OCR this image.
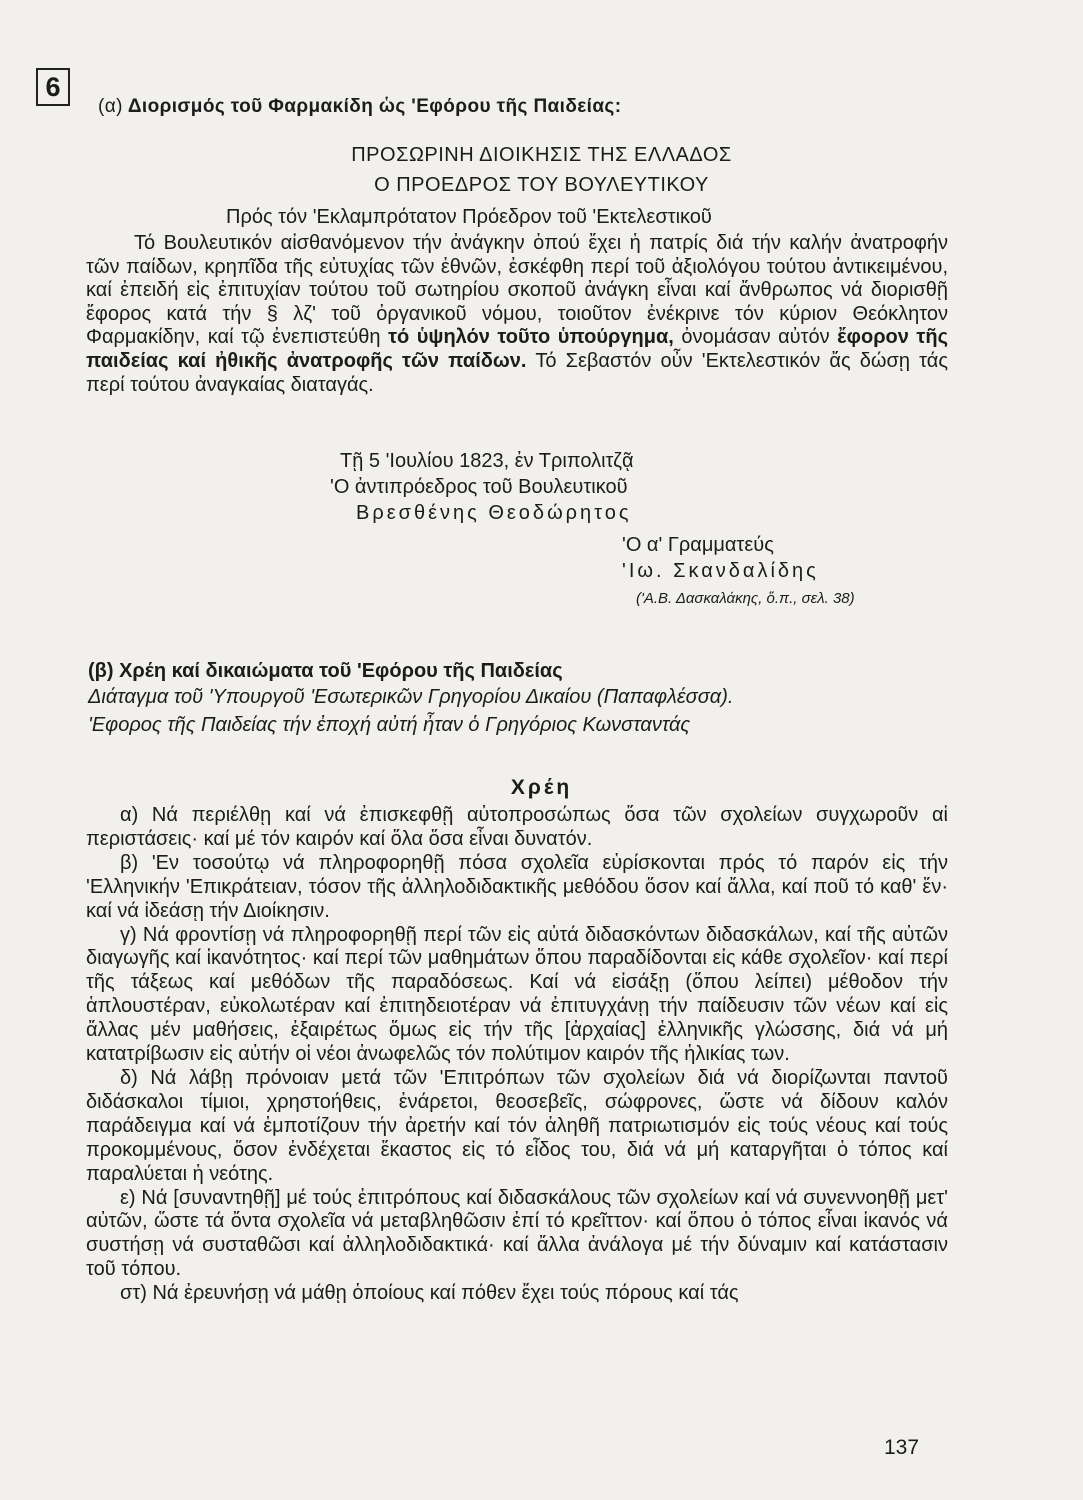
6
(α) Διορισμός τοῦ Φαρμακίδη ὡς 'Εφόρου τῆς Παιδείας:
ΠΡΟΣΩΡΙΝΗ ΔΙΟΙΚΗΣΙΣ ΤΗΣ ΕΛΛΑΔΟΣ
Ο ΠΡΟΕΔΡΟΣ ΤΟΥ ΒΟΥΛΕΥΤΙΚΟΥ
Πρός τόν 'Εκλαμπρότατον Πρόεδρον τοῦ 'Εκτελεστικοῦ
Τό Βουλευτικόν αἰσθανόμενον τήν ἀνάγκην ὁπού ἔχει ἡ πατρίς διά τήν καλήν ἀνατροφήν τῶν παίδων, κρηπῖδα τῆς εὐτυχίας τῶν ἐθνῶν, ἐσκέφθη περί τοῦ ἀξιολόγου τούτου ἀντικειμένου, καί ἐπειδή εἰς ἐπιτυχίαν τούτου τοῦ σωτηρίου σκοποῦ ἀνάγκη εἶναι καί ἄνθρωπος νά διορισθῇ ἔφορος κατά τήν § λζ' τοῦ ὀργανικοῦ νόμου, τοιοῦτον ἐνέκρινε τόν κύριον Θεόκλητον Φαρμακίδην, καί τῷ ἐνεπιστεύθη τό ὑψηλόν τοῦτο ὑπούργημα, ὀνομάσαν αὐτόν ἔφορον τῆς παιδείας καί ἠθικῆς ἀνατροφῆς τῶν παίδων. Τό Σεβαστόν οὖν 'Εκτελεστικόν ἄς δώσῃ τάς περί τούτου ἀναγκαίας διαταγάς.
Τῇ 5 'Ιουλίου 1823, ἐν Τριπολιτζᾷ
'Ο ἀντιπρόεδρος τοῦ Βουλευτικοῦ
Βρεσθένης Θεοδώρητος
'Ο α' Γραμματεύς
'Ιω. Σκανδαλίδης
('Α.Β. Δασκαλάκης, ὅ.π., σελ. 38)
(β) Χρέη καί δικαιώματα τοῦ 'Εφόρου τῆς Παιδείας
Διάταγμα τοῦ 'Υπουργοῦ 'Εσωτερικῶν Γρηγορίου Δικαίου (Παπαφλέσσα).
'Εφορος τῆς Παιδείας τήν ἐποχή αὐτή ἦταν ὁ Γρηγόριος Κωνσταντάς
Χρέη

α) Νά περιέλθῃ καί νά ἐπισκεφθῇ αὐτοπροσώπως ὅσα τῶν σχολείων συγχωροῦν αἱ περιστάσεις· καί μέ τόν καιρόν καί ὅλα ὅσα εἶναι δυνατόν.

β) 'Εν τοσούτῳ νά πληροφορηθῇ πόσα σχολεῖα εὑρίσκονται πρός τό παρόν εἰς τήν 'Ελληνικήν 'Επικράτειαν, τόσον τῆς ἀλληλοδιδακτικῆς μεθόδου ὅσον καί ἄλλα, καί ποῦ τό καθ' ἕν· καί νά ἰδεάσῃ τήν Διοίκησιν.

γ) Νά φροντίσῃ νά πληροφορηθῇ περί τῶν εἰς αὐτά διδασκόντων διδασκάλων, καί τῆς αὐτῶν διαγωγῆς καί ἱκανότητος· καί περί τῶν μαθημάτων ὅπου παραδίδονται εἰς κάθε σχολεῖον· καί περί τῆς τάξεως καί μεθόδων τῆς παραδόσεως. Καί νά εἰσάξῃ (ὅπου λείπει) μέθοδον τήν ἁπλουστέραν, εὐκολωτέραν καί ἐπιτηδειοτέραν νά ἐπιτυγχάνῃ τήν παίδευσιν τῶν νέων καί εἰς ἄλλας μέν μαθήσεις, ἐξαιρέτως ὅμως εἰς τήν τῆς [ἀρχαίας] ἑλληνικῆς γλώσσης, διά νά μή κατατρίβωσιν εἰς αὐτήν οἱ νέοι ἀνωφελῶς τόν πολύτιμον καιρόν τῆς ἡλικίας των.

δ) Νά λάβῃ πρόνοιαν μετά τῶν 'Επιτρόπων τῶν σχολείων διά νά διορίζωνται παντοῦ διδάσκαλοι τίμιοι, χρηστοήθεις, ἐνάρετοι, θεοσεβεῖς, σώφρονες, ὥστε νά δίδουν καλόν παράδειγμα καί νά ἐμποτίζουν τήν ἀρετήν καί τόν ἀληθῆ πατριωτισμόν εἰς τούς νέους καί τούς προκομμένους, ὅσον ἐνδέχεται ἕκαστος εἰς τό εἶδος του, διά νά μή καταργῆται ὁ τόπος καί παραλύεται ἡ νεότης.

ε) Νά [συναντηθῇ] μέ τούς ἐπιτρόπους καί διδασκάλους τῶν σχολείων καί νά συνεννοηθῇ μετ' αὐτῶν, ὥστε τά ὄντα σχολεῖα νά μεταβληθῶσιν ἐπί τό κρεῖττον· καί ὅπου ὁ τόπος εἶναι ἱκανός νά συστήσῃ νά συσταθῶσι καί ἀλληλοδιδακτικά· καί ἄλλα ἀνάλογα μέ τήν δύναμιν καί κατάστασιν τοῦ τόπου.

στ) Νά ἐρευνήσῃ νά μάθῃ ὁποίους καί πόθεν ἔχει τούς πόρους καί τάς

137
